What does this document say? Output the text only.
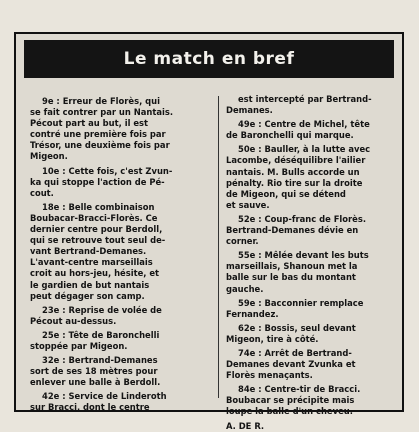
Le match en bref

9e : Erreur de Florès, qui
se fait contrer par un Nantais.
Pécout part au but, il est
contré une première fois par
Trésor, une deuxième fois par
Migeon.

10e : Cette fois, c'est Zvun-
ka qui stoppe l'action de Pé-
cout.

18e : Belle combinaison
Boubacar-Bracci-Florès. Ce
dernier centre pour Berdoll,
qui se retrouve tout seul de-
vant Bertrand-Demanes.
L'avant-centre marseillais
croit au hors-jeu, hésite, et
le gardien de but nantais
peut dégager son camp.

23e : Reprise de volée de
Pécout au-dessus.

25e : Tête de Baronchelli
stoppée par Migeon.

32e : Bertrand-Demanes
sort de ses 18 mètres pour
enlever une balle à Berdoll.

42e : Service de Linderoth
sur Bracci, dont le centre

est intercepté par Bertrand-
Demanes.

49e : Centre de Michel, tête
de Baronchelli qui marque.

50e : Bauller, à la lutte avec
Lacombe, déséquilibre l'ailier
nantais. M. Bulls accorde un
pénalty. Rio tire sur la droite
de Migeon, qui se détend
et sauve.

52e : Coup-franc de Florès.
Bertrand-Demanes dévie en
corner.

55e : Mêlée devant les buts
marseillais, Shanoun met la
balle sur le bas du montant
gauche.

59e : Bacconnier remplace
Fernandez.

62e : Bossis, seul devant
Migeon, tire à côté.

74e : Arrêt de Bertrand-
Demanes devant Zvunka et
Florès menaçants.

84e : Centre-tir de Bracci.
Boubacar se précipite mais
loupe la balle d'un cheveu.

A. DE R.
